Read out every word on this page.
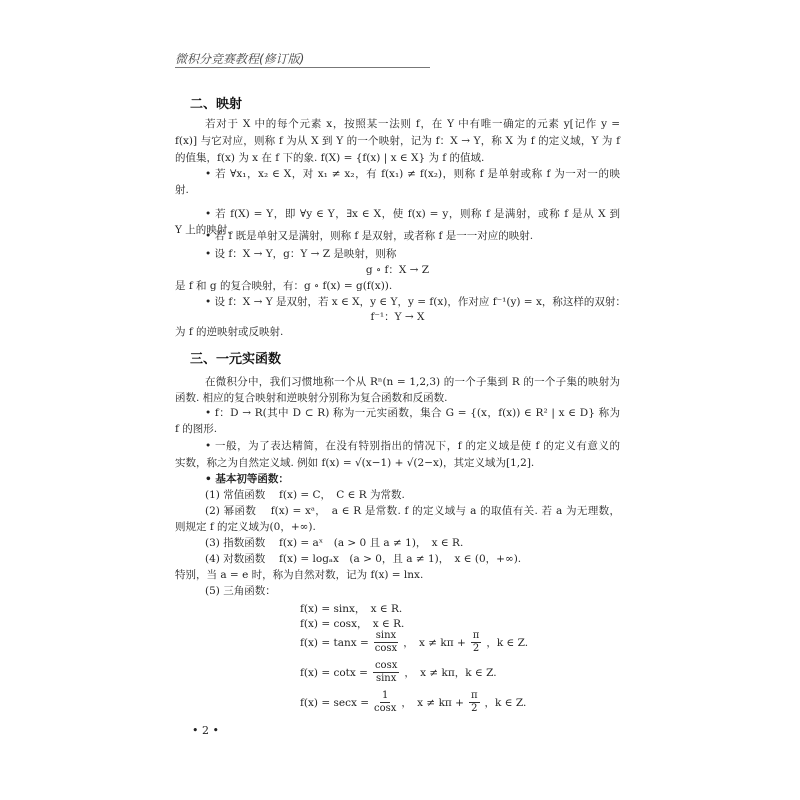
微积分竞赛教程(修订版)
二、映射
若对于 X 中的每个元素 x，按照某一法则 f，在 Y 中有唯一确定的元素 y[记作 y =
f(x)] 与它对应，则称 f 为从 X 到 Y 的一个映射，记为 f：X → Y，称 X 为 f 的定义域，Y 为 f
的值集，f(x) 为 x 在 f 下的象. f(X) = {f(x) | x ∈ X} 为 f 的值域.
• 若 ∀x₁，x₂ ∈ X，对 x₁ ≠ x₂，有 f(x₁) ≠ f(x₂)，则称 f 是单射或称 f 为一对一的映
射.
• 若 f(X) = Y，即 ∀y ∈ Y，∃x ∈ X，使 f(x) = y，则称 f 是满射，或称 f 是从 X 到
Y 上的映射.
• 若 f 既是单射又是满射，则称 f 是双射，或者称 f 是一一对应的映射.
• 设 f：X → Y，g：Y → Z 是映射，则称
g ∘ f：X → Z
是 f 和 g 的复合映射，有：g ∘ f(x) = g(f(x)).
• 设 f：X → Y 是双射，若 x ∈ X，y ∈ Y，y = f(x)，作对应 f⁻¹(y) = x，称这样的双射：
f⁻¹：Y → X
为 f 的逆映射或反映射.
三、一元实函数
在微积分中，我们习惯地称一个从 Rⁿ(n = 1,2,3) 的一个子集到 R 的一个子集的映射为
函数. 相应的复合映射和逆映射分别称为复合函数和反函数.
• f：D → R(其中 D ⊂ R) 称为一元实函数，集合 G = {(x，f(x)) ∈ R² | x ∈ D} 称为
f 的图形.
• 一般，为了表达精简，在没有特别指出的情况下，f 的定义域是使 f 的定义有意义的
实数，称之为自然定义域. 例如 f(x) = √(x−1) + √(2−x)，其定义域为[1,2].
• 基本初等函数：
(1) 常值函数　 f(x) = C，　C ∈ R 为常数.
(2) 幂函数　 f(x) = xᵃ，　a ∈ R 是常数. f 的定义域与 a 的取值有关. 若 a 为无理数，
则规定 f 的定义域为(0，+∞).
(3) 指数函数　 f(x) = aˣ　(a > 0 且 a ≠ 1)，　x ∈ R.
(4) 对数函数　 f(x) = logₐx　(a > 0，且 a ≠ 1)，　x ∈ (0，+∞).
特别，当 a = e 时，称为自然对数，记为 f(x) = lnx.
(5) 三角函数：
f(x) = sinx，　x ∈ R.
f(x) = cosx，　x ∈ R.
$f(x) = \tan x = \frac{\sin x}{\cos x}$ ，　$x \ne k\pi + \frac{\pi}{2}$ ，k ∈ Z.
$f(x) = \cot x = \frac{\cos x}{\sin x}$ ，　x ≠ kπ，k ∈ Z.
$f(x) = \sec x = \frac{1}{\cos x}$ ，　$x \ne k\pi + \frac{\pi}{2}$ ，k ∈ Z.
• 2 •
